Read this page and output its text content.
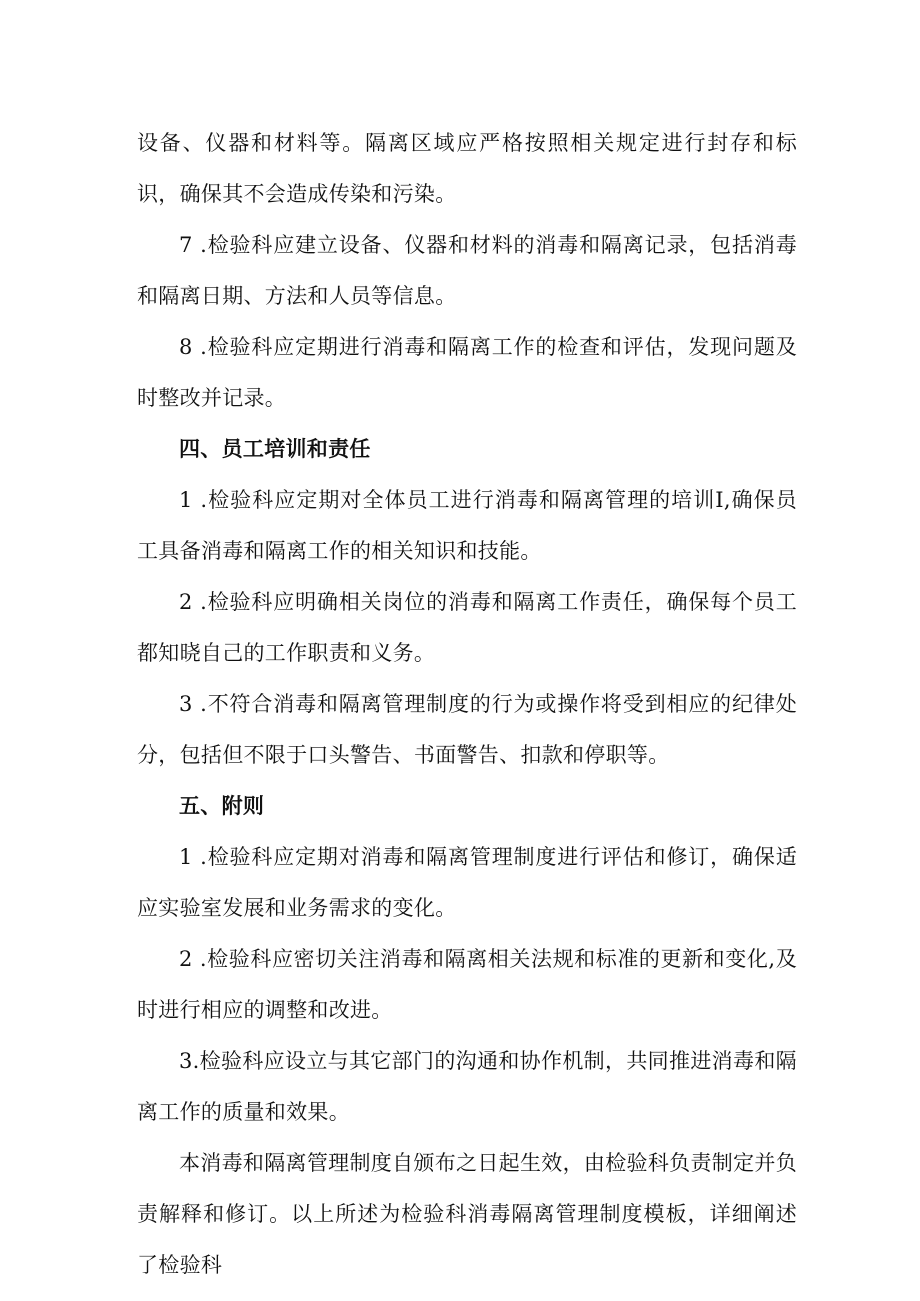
设备、仪器和材料等。隔离区域应严格按照相关规定进行封存和标识，确保其不会造成传染和污染。

7 .检验科应建立设备、仪器和材料的消毒和隔离记录，包括消毒和隔离日期、方法和人员等信息。

8 .检验科应定期进行消毒和隔离工作的检查和评估，发现问题及时整改并记录。

四、员工培训和责任

1 .检验科应定期对全体员工进行消毒和隔离管理的培训I,确保员工具备消毒和隔离工作的相关知识和技能。

2 .检验科应明确相关岗位的消毒和隔离工作责任，确保每个员工都知晓自己的工作职责和义务。

3 .不符合消毒和隔离管理制度的行为或操作将受到相应的纪律处分，包括但不限于口头警告、书面警告、扣款和停职等。

五、附则

1 .检验科应定期对消毒和隔离管理制度进行评估和修订，确保适应实验室发展和业务需求的变化。

2 .检验科应密切关注消毒和隔离相关法规和标准的更新和变化,及时进行相应的调整和改进。

3.检验科应设立与其它部门的沟通和协作机制，共同推进消毒和隔离工作的质量和效果。

本消毒和隔离管理制度自颁布之日起生效，由检验科负责制定并负责解释和修订。以上所述为检验科消毒隔离管理制度模板，详细阐述了检验科
